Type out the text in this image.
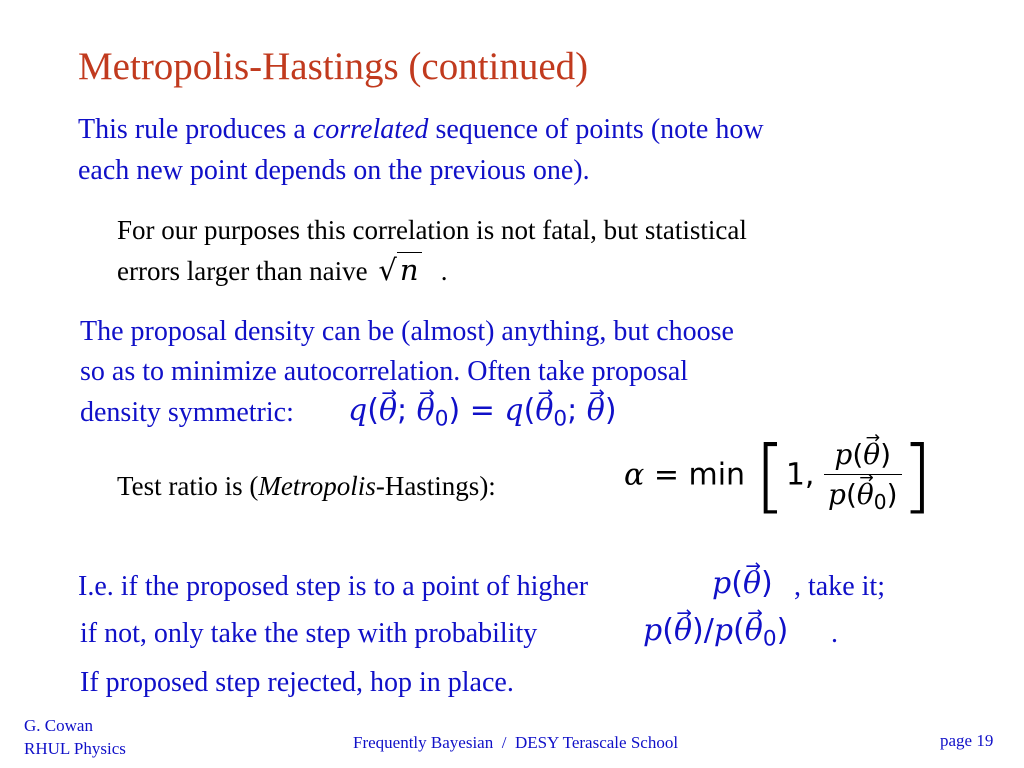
Metropolis-Hastings (continued)
This rule produces a correlated sequence of points (note how
each new point depends on the previous one).
For our purposes this correlation is not fatal, but statistical
errors larger than naive √ n .
The proposal density can be (almost) anything, but choose
so as to minimize autocorrelation. Often take proposal
density symmetric: q(→ θ; → $\theta_0) = q(\to \theta_0$; → θ)
Test ratio is (Metropolis-Hastings):	α = min [1, $\frac{p(\to \theta)}{p(\to \theta_0)}$ ]
I.e. if the proposed step is to a point of higher	p(→ θ) , take it;
if not, only take the step with probability	$p(\to \theta)/p(\to \theta_0)$ .
If proposed step rejected, hop in place.
G. Cowan
RHUL Physics	Frequently Bayesian  /  DESY Terascale School	page 19
